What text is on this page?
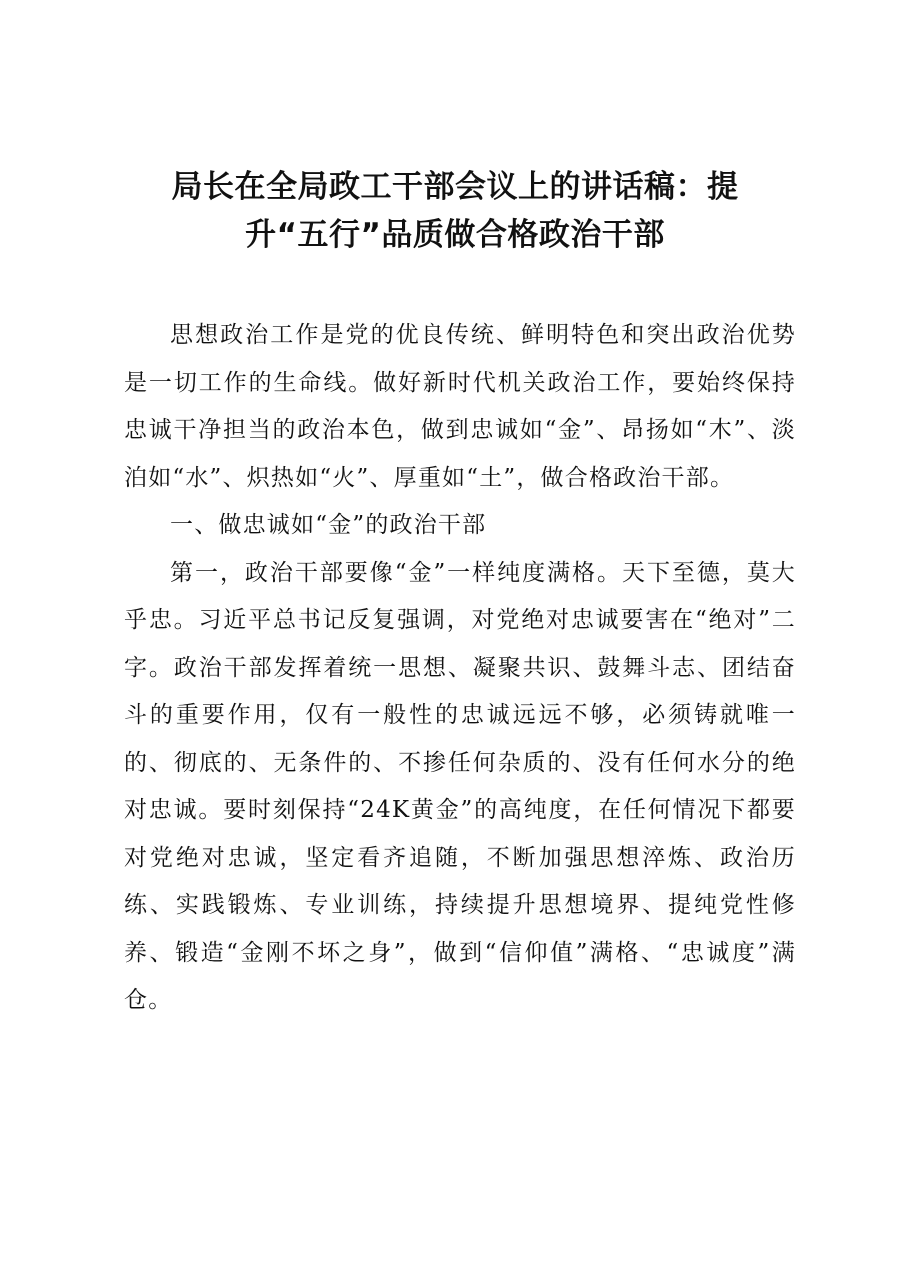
局长在全局政工干部会议上的讲话稿：提
升“五行”品质做合格政治干部

思想政治工作是党的优良传统、鲜明特色和突出政治优势是一切工作的生命线。做好新时代机关政治工作，要始终保持忠诚干净担当的政治本色，做到忠诚如“金”、昂扬如“木”、淡泊如“水”、炽热如“火”、厚重如“土”，做合格政治干部。

一、做忠诚如“金”的政治干部

第一，政治干部要像“金”一样纯度满格。天下至德，莫大乎忠。习近平总书记反复强调，对党绝对忠诚要害在“绝对”二字。政治干部发挥着统一思想、凝聚共识、鼓舞斗志、团结奋斗的重要作用，仅有一般性的忠诚远远不够，必须铸就唯一的、彻底的、无条件的、不掺任何杂质的、没有任何水分的绝对忠诚。要时刻保持“24K黄金”的高纯度，在任何情况下都要对党绝对忠诚，坚定看齐追随，不断加强思想淬炼、政治历练、实践锻炼、专业训练，持续提升思想境界、提纯党性修养、锻造“金刚不坏之身”，做到“信仰值”满格、“忠诚度”满仓。
